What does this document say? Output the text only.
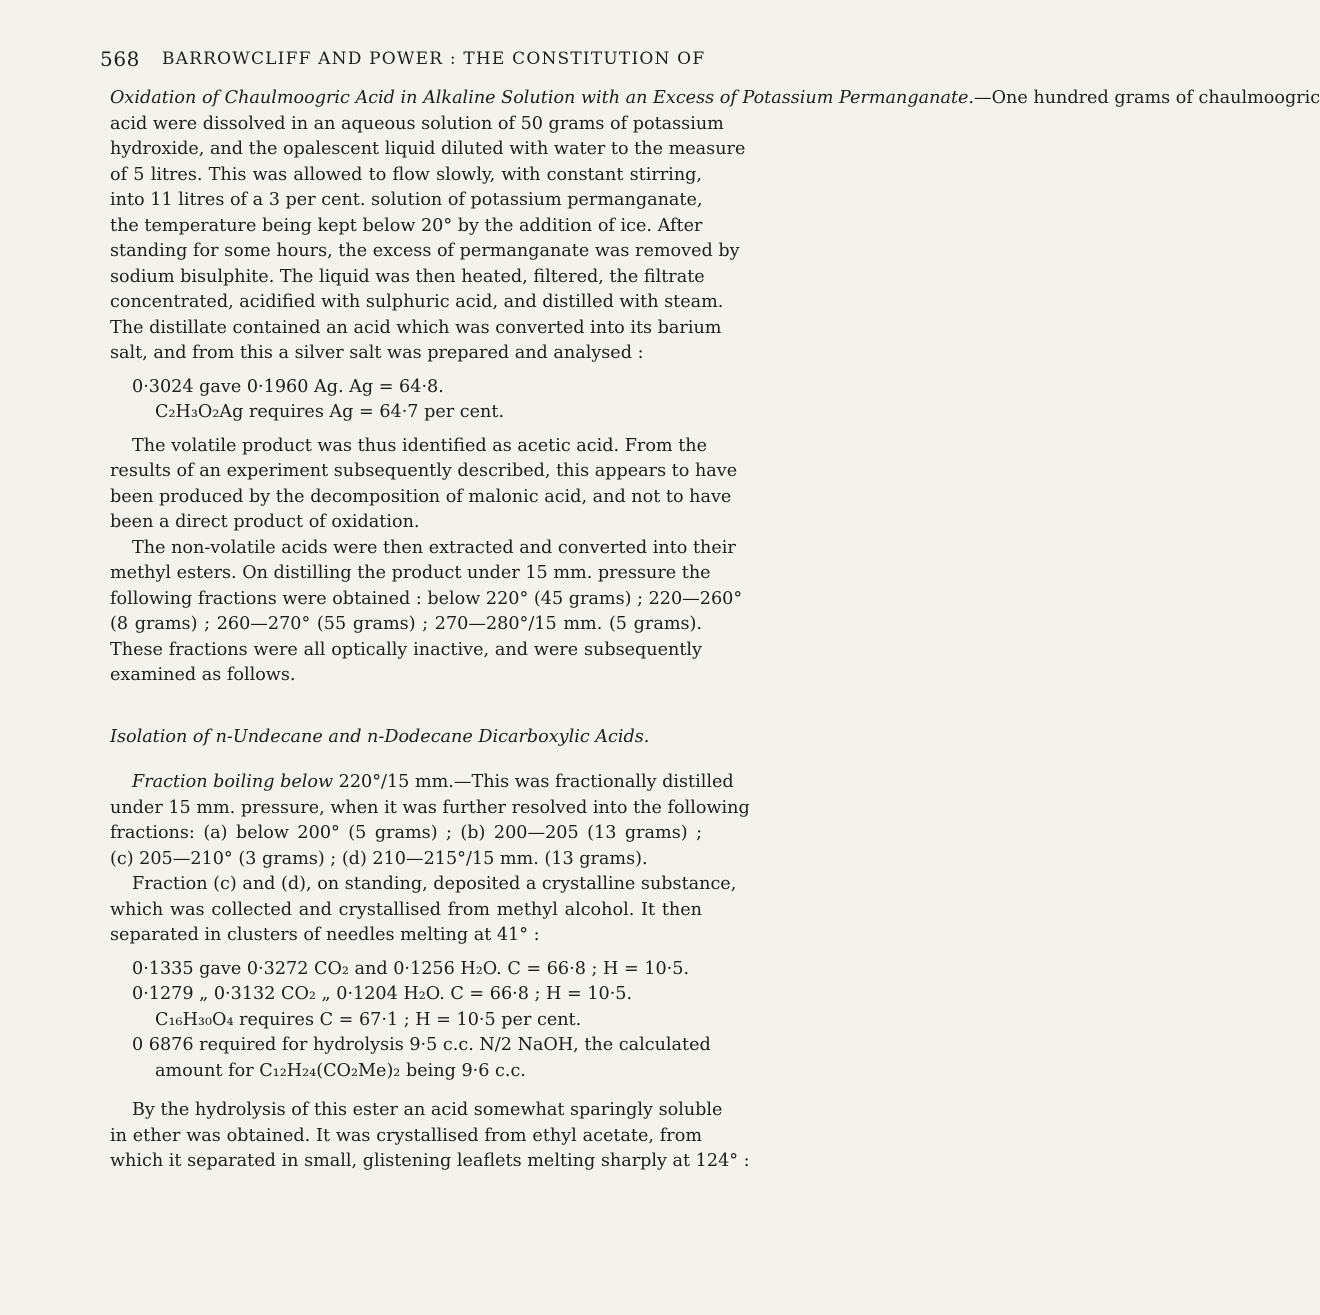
568 BARROWCLIFF AND POWER : THE CONSTITUTION OF
Oxidation of Chaulmoogric Acid in Alkaline Solution with an Excess of Potassium Permanganate.—One hundred grams of chaulmoogric
acid were dissolved in an aqueous solution of 50 grams of potassium
hydroxide, and the opalescent liquid diluted with water to the measure
of 5 litres. This was allowed to flow slowly, with constant stirring,
into 11 litres of a 3 per cent. solution of potassium permanganate,
the temperature being kept below 20° by the addition of ice. After
standing for some hours, the excess of permanganate was removed by
sodium bisulphite. The liquid was then heated, filtered, the filtrate
concentrated, acidified with sulphuric acid, and distilled with steam.
The distillate contained an acid which was converted into its barium
salt, and from this a silver salt was prepared and analysed :
0·3024 gave 0·1960 Ag. Ag = 64·8.
C₂H₃O₂Ag requires Ag = 64·7 per cent.
The volatile product was thus identified as acetic acid. From the
results of an experiment subsequently described, this appears to have
been produced by the decomposition of malonic acid, and not to have
been a direct product of oxidation.
The non-volatile acids were then extracted and converted into their
methyl esters. On distilling the product under 15 mm. pressure the
following fractions were obtained : below 220° (45 grams) ; 220—260°
(8 grams) ; 260—270° (55 grams) ; 270—280°/15 mm. (5 grams).
These fractions were all optically inactive, and were subsequently
examined as follows.
Isolation of n-Undecane and n-Dodecane Dicarboxylic Acids.
Fraction boiling below 220°/15 mm.—This was fractionally distilled
under 15 mm. pressure, when it was further resolved into the following
fractions: (a) below 200° (5 grams) ; (b) 200—205 (13 grams) ;
(c) 205—210° (3 grams) ; (d) 210—215°/15 mm. (13 grams).
Fraction (c) and (d), on standing, deposited a crystalline substance,
which was collected and crystallised from methyl alcohol. It then
separated in clusters of needles melting at 41° :
0·1335 gave 0·3272 CO₂ and 0·1256 H₂O. C = 66·8 ; H = 10·5.
0·1279 „ 0·3132 CO₂ „ 0·1204 H₂O. C = 66·8 ; H = 10·5.
C₁₆H₃₀O₄ requires C = 67·1 ; H = 10·5 per cent.
0 6876 required for hydrolysis 9·5 c.c. N/2 NaOH, the calculated
amount for C₁₂H₂₄(CO₂Me)₂ being 9·6 c.c.
By the hydrolysis of this ester an acid somewhat sparingly soluble
in ether was obtained. It was crystallised from ethyl acetate, from
which it separated in small, glistening leaflets melting sharply at 124° :
